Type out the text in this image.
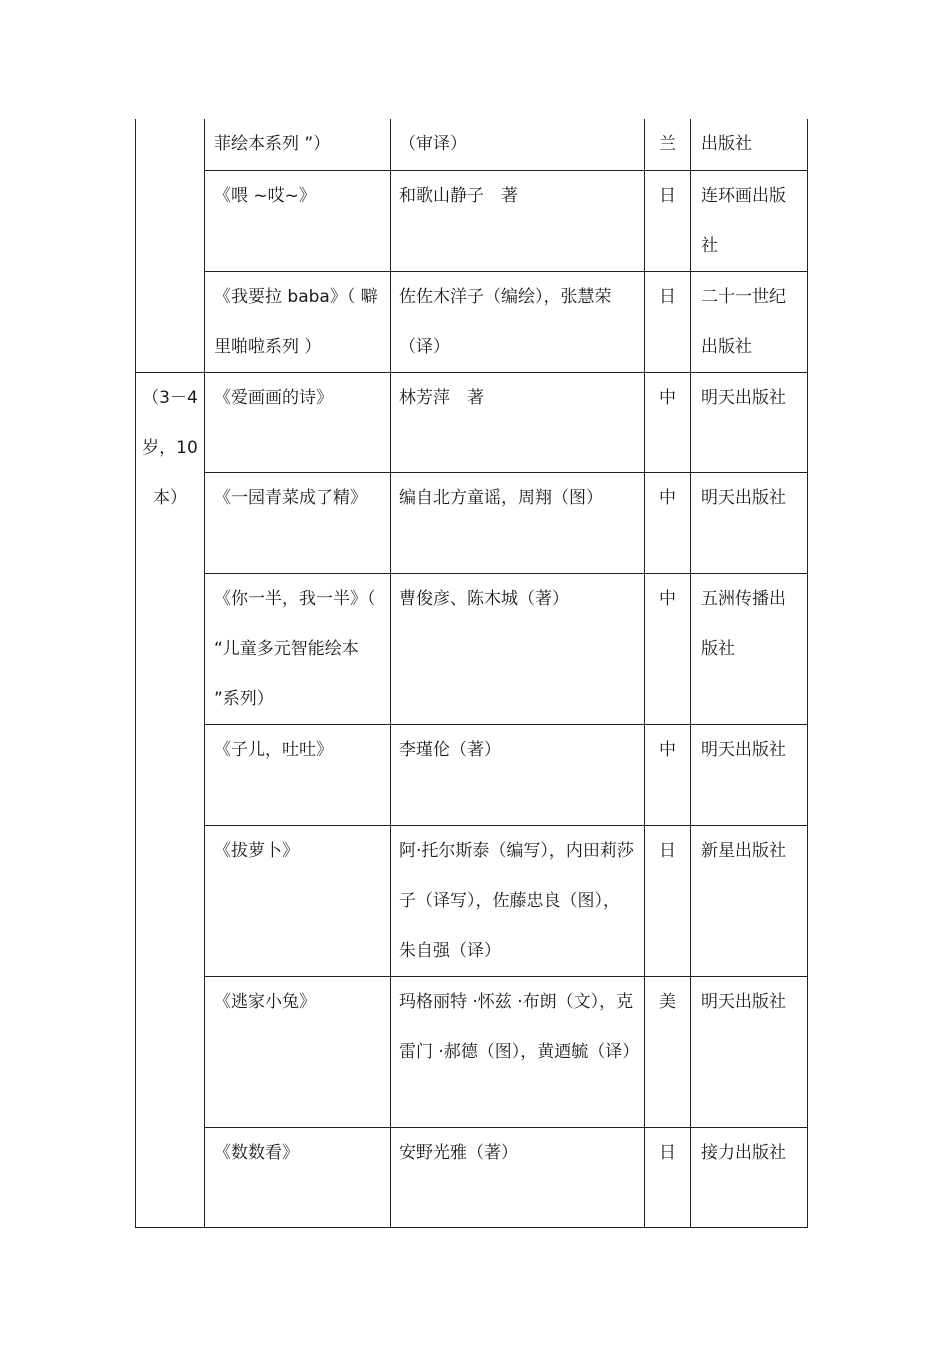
	菲绘本系列 ”）	（审译）	兰	出版社

	《喂 ~哎~》	和歌山静子　著	日	连环画出版社

	《我要拉 baba》（ 噼里啪啦系列 ）	佐佐木洋子（编绘），张慧荣（译）	日	二十一世纪出版社

（3－4岁，10本）	《爱画画的诗》	林芳萍　著	中	明天出版社

	《一园青菜成了精》	编自北方童谣，周翔（图）	中	明天出版社

	《你一半，我一半》（ “儿童多元智能绘本 ”系列）	曹俊彦、陈木城（著）	中	五洲传播出版社

	《子儿，吐吐》	李瑾伦（著）	中	明天出版社

	《拔萝卜》	阿·托尔斯泰（编写），内田莉莎子（译写），佐藤忠良（图），朱自强（译）	日	新星出版社

	《逃家小兔》	玛格丽特 ·怀兹 ·布朗（文），克雷门 ·郝德（图），黄迺毓（译）	美	明天出版社

	《数数看》	安野光雅（著）	日	接力出版社
